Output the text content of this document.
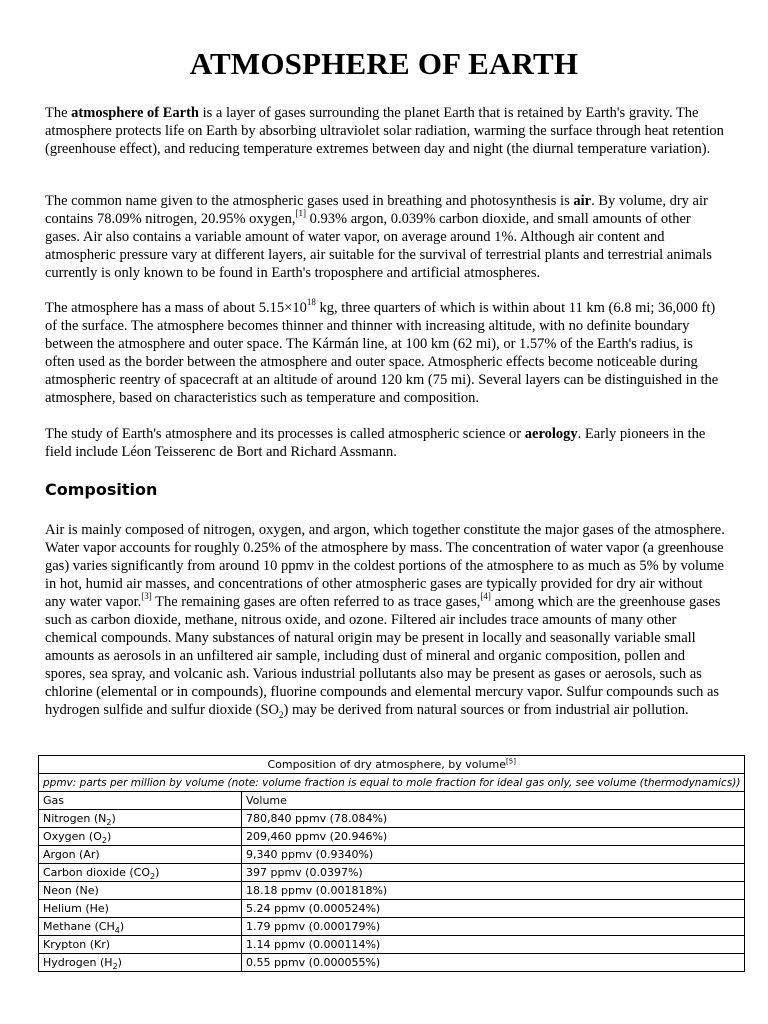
ATMOSPHERE OF EARTH

The atmosphere of Earth is a layer of gases surrounding the planet Earth that is retained by Earth's gravity. The atmosphere protects life on Earth by absorbing ultraviolet solar radiation, warming the surface through heat retention (greenhouse effect), and reducing temperature extremes between day and night (the diurnal temperature variation).

The common name given to the atmospheric gases used in breathing and photosynthesis is air. By volume, dry air contains 78.09% nitrogen, 20.95% oxygen,[1] 0.93% argon, 0.039% carbon dioxide, and small amounts of other gases. Air also contains a variable amount of water vapor, on average around 1%. Although air content and atmospheric pressure vary at different layers, air suitable for the survival of terrestrial plants and terrestrial animals currently is only known to be found in Earth's troposphere and artificial atmospheres.

The atmosphere has a mass of about $5.15\times 10^{18}$ kg, three quarters of which is within about 11 km (6.8 mi; 36,000 ft) of the surface. The atmosphere becomes thinner and thinner with increasing altitude, with no definite boundary between the atmosphere and outer space. The Kármán line, at 100 km (62 mi), or 1.57% of the Earth's radius, is often used as the border between the atmosphere and outer space. Atmospheric effects become noticeable during atmospheric reentry of spacecraft at an altitude of around 120 km (75 mi). Several layers can be distinguished in the atmosphere, based on characteristics such as temperature and composition.

The study of Earth's atmosphere and its processes is called atmospheric science or aerology. Early pioneers in the field include Léon Teisserenc de Bort and Richard Assmann.

Composition

Air is mainly composed of nitrogen, oxygen, and argon, which together constitute the major gases of the atmosphere. Water vapor accounts for roughly 0.25% of the atmosphere by mass. The concentration of water vapor (a greenhouse gas) varies significantly from around 10 ppmv in the coldest portions of the atmosphere to as much as 5% by volume in hot, humid air masses, and concentrations of other atmospheric gases are typically provided for dry air without any water vapor.[3] The remaining gases are often referred to as trace gases,[4] among which are the greenhouse gases such as carbon dioxide, methane, nitrous oxide, and ozone. Filtered air includes trace amounts of many other chemical compounds. Many substances of natural origin may be present in locally and seasonally variable small amounts as aerosols in an unfiltered air sample, including dust of mineral and organic composition, pollen and spores, sea spray, and volcanic ash. Various industrial pollutants also may be present as gases or aerosols, such as chlorine (elemental or in compounds), fluorine compounds and elemental mercury vapor. Sulfur compounds such as hydrogen sulfide and sulfur dioxide $(SO_2)$ may be derived from natural sources or from industrial air pollution.

Composition of dry atmosphere, by volume[5]
ppmv: parts per million by volume (note: volume fraction is equal to mole fraction for ideal gas only, see volume (thermodynamics))	
Gas	Volume
Nitrogen $(N_2)$	780,840 ppmv (78.084%)
Oxygen $(O_2)$	209,460 ppmv (20.946%)
Argon (Ar)	9,340 ppmv (0.9340%)
Carbon dioxide $(CO_2)$	397 ppmv (0.0397%)
Neon (Ne)	18.18 ppmv (0.001818%)
Helium (He)	5.24 ppmv (0.000524%)
Methane $(CH_4)$	1.79 ppmv (0.000179%)
Krypton (Kr)	1.14 ppmv (0.000114%)
Hydrogen $(H_2)$	0.55 ppmv (0.000055%)
